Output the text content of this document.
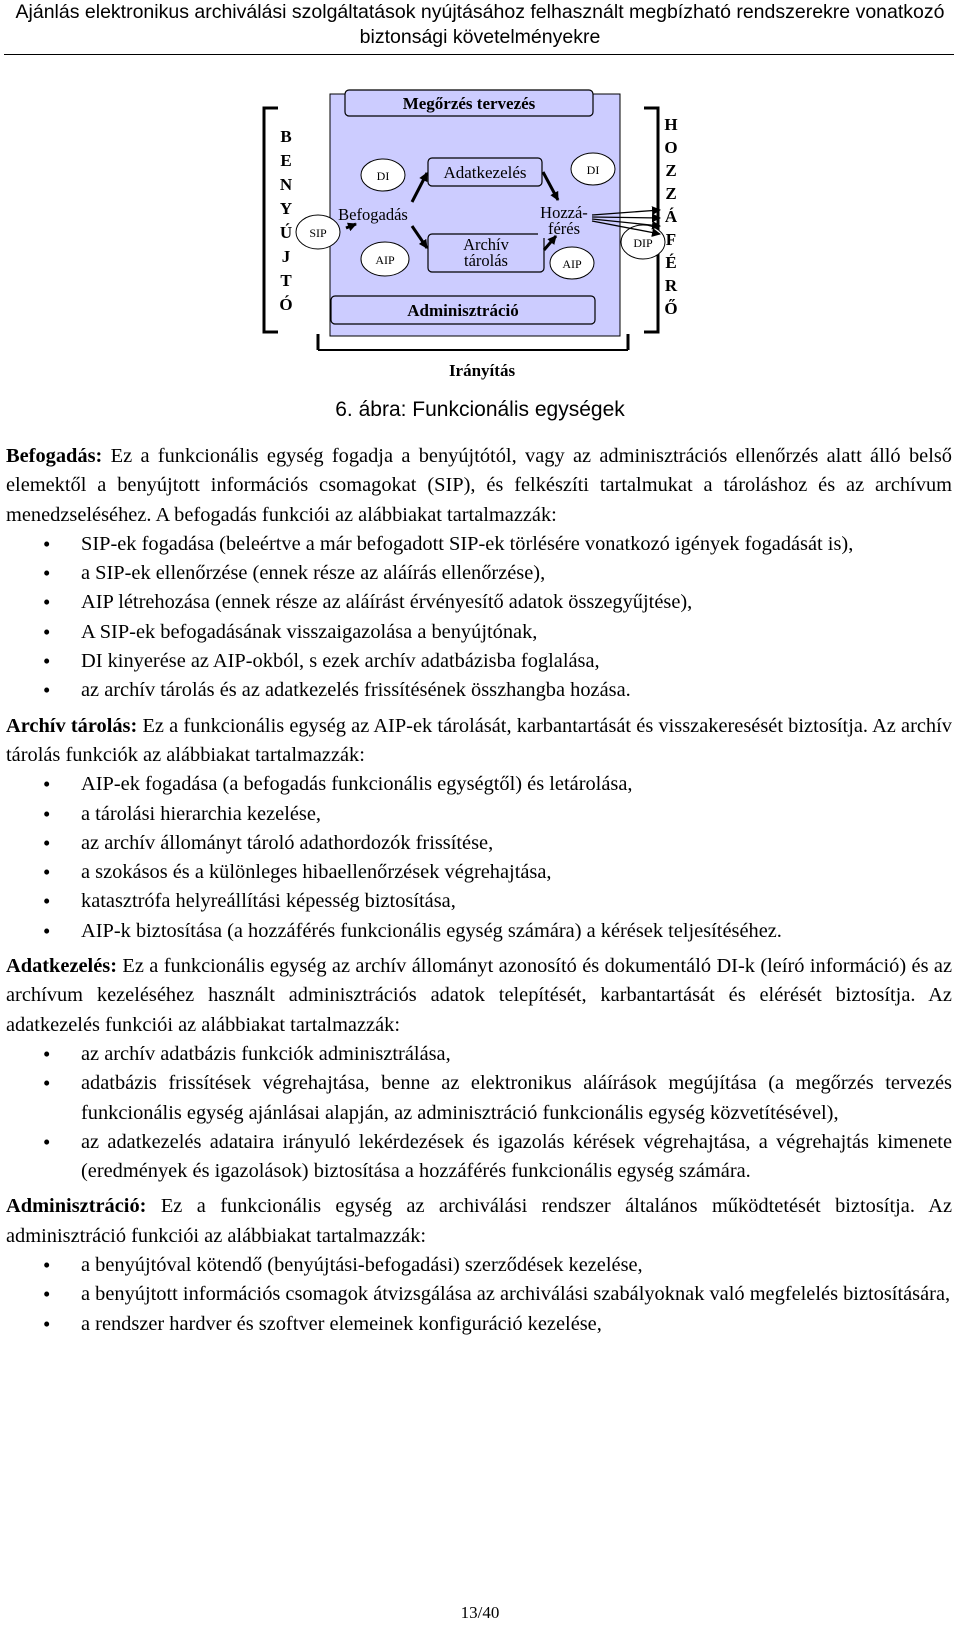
Ajánlás elektronikus archiválási szolgáltatások nyújtásához felhasznált megbízható rendszerekre vonatkozó
biztonsági követelményekre
Megőrzés tervezés
Adminisztráció
Befogadás
Adatkezelés
Archív
tárolás
Hozzá-
férés
SIP
DI
AIP
DI
AIP
DIP
B
E
N
Y
Ú
J
T
Ó
H
O
Z
Z
Á
F
É
R
Ő
Irányítás
6. ábra: Funkcionális egységek

Befogadás: Ez a funkcionális egység fogadja a benyújtótól, vagy az adminisztrációs ellenőrzés alatt álló belső elemektől a benyújtott információs csomagokat (SIP), és felkészíti tartalmukat a tároláshoz és az archívum menedzseléséhez. A befogadás funkciói az alábbiakat tartalmazzák:

• SIP-ek fogadása (beleértve a már befogadott SIP-ek törlésére vonatkozó igények fogadását is),
• a SIP-ek ellenőrzése (ennek része az aláírás ellenőrzése),
• AIP létrehozása (ennek része az aláírást érvényesítő adatok összegyűjtése),
• A SIP-ek befogadásának visszaigazolása a benyújtónak,
• DI kinyerése az AIP-okból, s ezek archív adatbázisba foglalása,
• az archív tárolás és az adatkezelés frissítésének összhangba hozása.

Archív tárolás: Ez a funkcionális egység az AIP-ek tárolását, karbantartását és visszakeresését biztosítja. Az archív tárolás funkciók az alábbiakat tartalmazzák:

• AIP-ek fogadása (a befogadás funkcionális egységtől) és letárolása,
• a tárolási hierarchia kezelése,
• az archív állományt tároló adathordozók frissítése,
• a szokásos és a különleges hibaellenőrzések végrehajtása,
• katasztrófa helyreállítási képesség biztosítása,
• AIP-k biztosítása (a hozzáférés funkcionális egység számára) a kérések teljesítéséhez.

Adatkezelés: Ez a funkcionális egység az archív állományt azonosító és dokumentáló DI-k (leíró információ) és az archívum kezeléséhez használt adminisztrációs adatok telepítését, karbantartását és elérését biztosítja. Az adatkezelés funkciói az alábbiakat tartalmazzák:

• az archív adatbázis funkciók adminisztrálása,
• adatbázis frissítések végrehajtása, benne az elektronikus aláírások megújítása (a megőrzés tervezés funkcionális egység ajánlásai alapján, az adminisztráció funkcionális egység közvetítésével),
• az adatkezelés adataira irányuló lekérdezések és igazolás kérések végrehajtása, a végrehajtás kimenete (eredmények és igazolások) biztosítása a hozzáférés funkcionális egység számára.

Adminisztráció: Ez a funkcionális egység az archiválási rendszer általános működtetését biztosítja. Az adminisztráció funkciói az alábbiakat tartalmazzák:

• a benyújtóval kötendő (benyújtási-befogadási) szerződések kezelése,
• a benyújtott információs csomagok átvizsgálása az archiválási szabályoknak való megfelelés biztosítására,
• a rendszer hardver és szoftver elemeinek konfiguráció kezelése,
13/40
